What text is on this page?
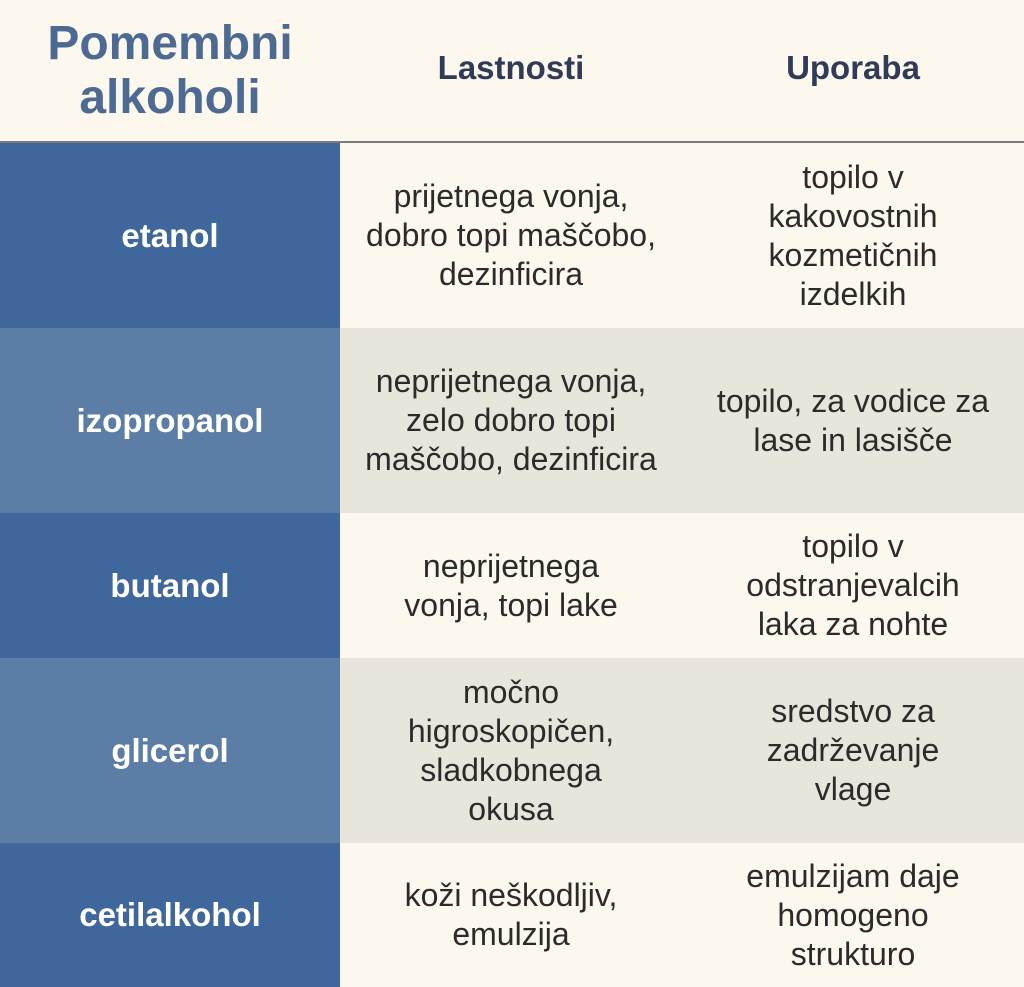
Pomembni alkoholi
Lastnosti	Uporaba
etanol
prijetnega vonja, dobro topi maščobo, dezinficira
topilo v kakovostnih kozmetičnih izdelkih
izopropanol
neprijetnega vonja, zelo dobro topi maščobo, dezinficira
topilo, za vodice za lase in lasišče
butanol
neprijetnega vonja, topi lake
topilo v odstranjevalcih laka za nohte
glicerol
močno higroskopičen, sladkobnega okusa
sredstvo za zadrževanje vlage
cetilalkohol
koži neškodljiv, emulzija
emulzijam daje homogeno strukturo
